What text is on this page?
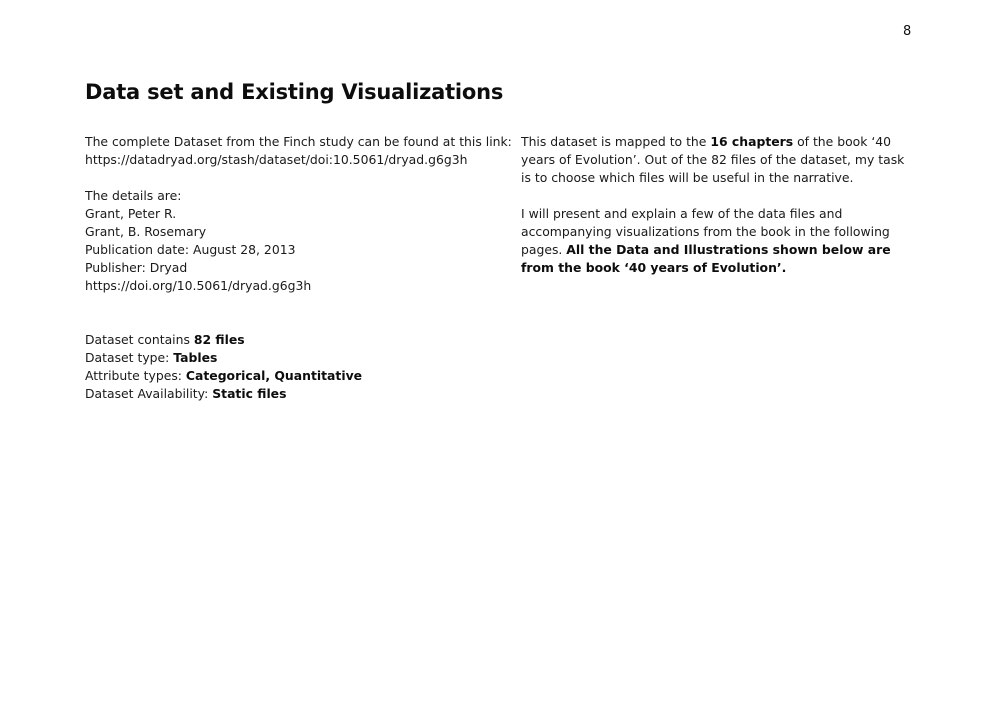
8
Data set and Existing Visualizations
The complete Dataset from the Finch study can be found at this link:
https://datadryad.org/stash/dataset/doi:10.5061/dryad.g6g3h
The details are:
Grant, Peter R.
Grant, B. Rosemary
Publication date: August 28, 2013
Publisher: Dryad
https://doi.org/10.5061/dryad.g6g3h
Dataset contains 82 files
Dataset type: Tables
Attribute types: Categorical, Quantitative
Dataset Availability: Static files
This dataset is mapped to the 16 chapters of the book ‘40 years of Evolution’. Out of the 82 files of the dataset, my task is to choose which files will be useful in the narrative.
I will present and explain a few of the data files and accompanying visualizations from the book in the following pages. All the Data and Illustrations shown below are from the book ‘40 years of Evolution’.
